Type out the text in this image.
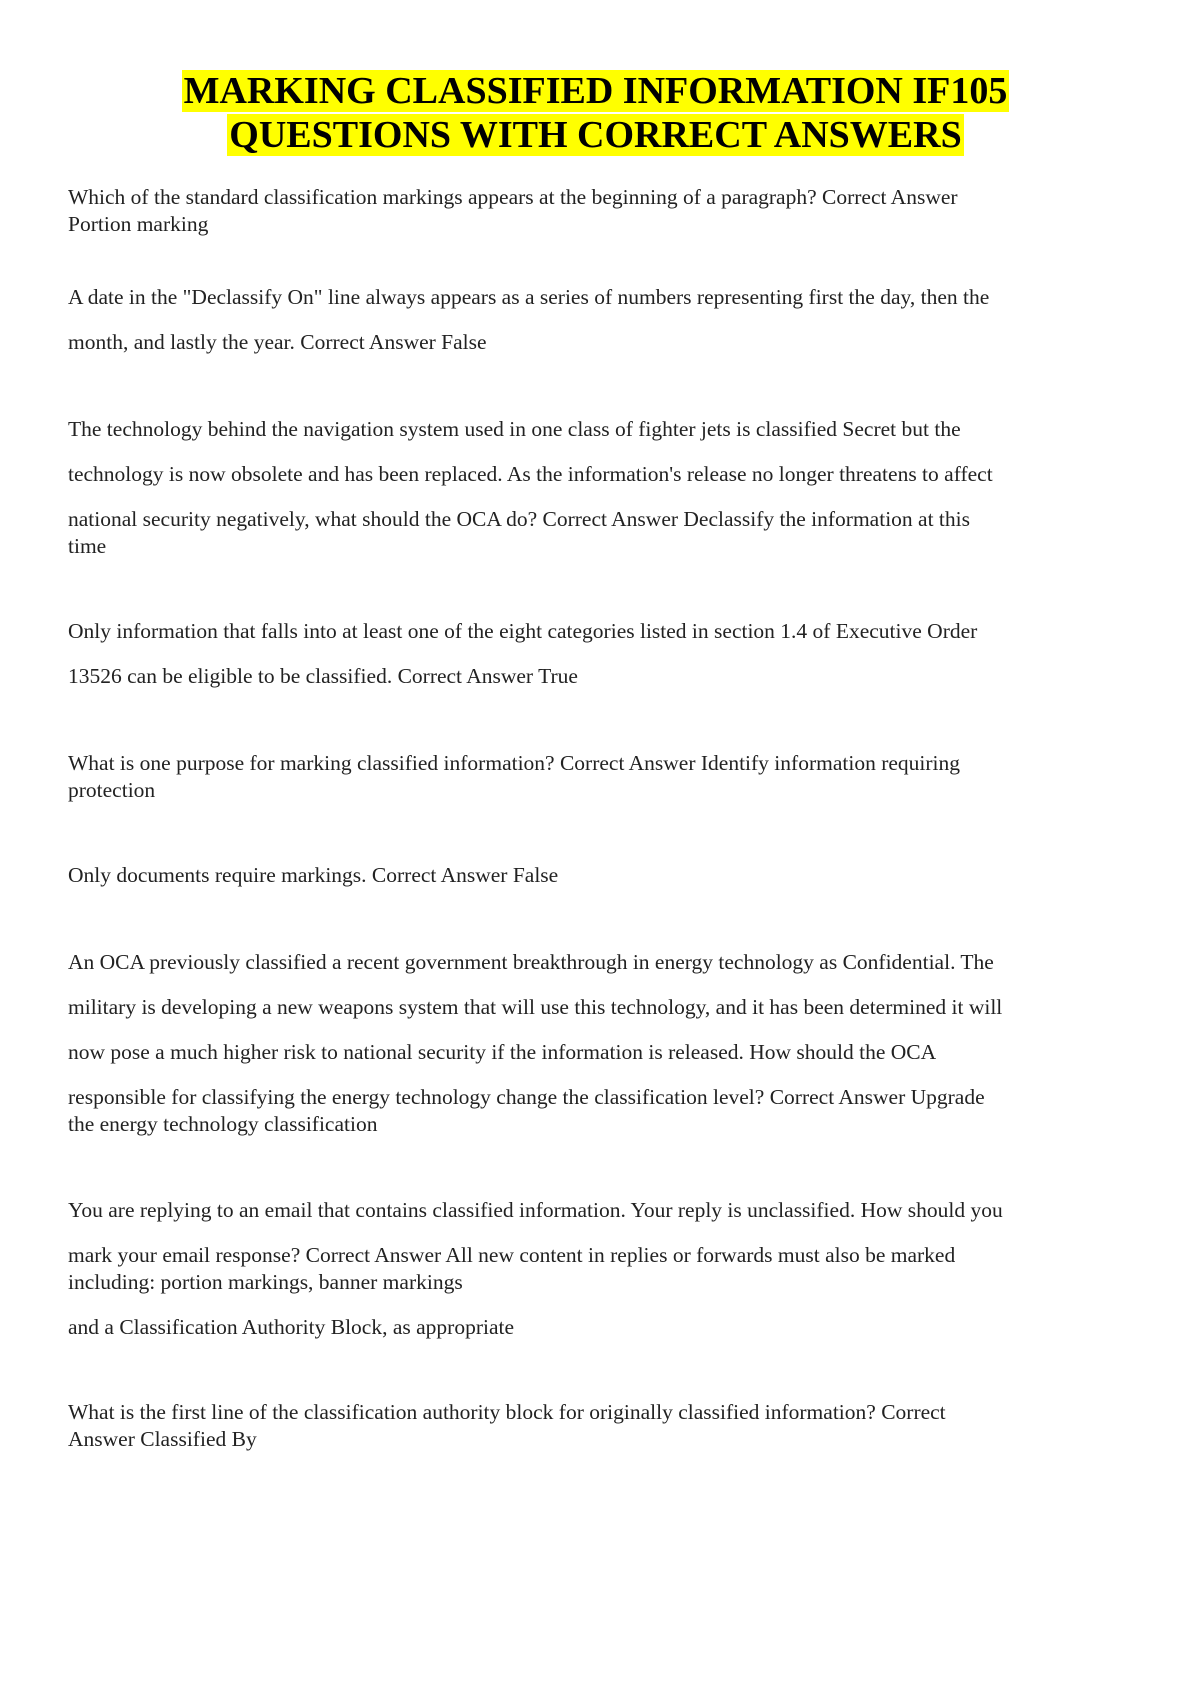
MARKING CLASSIFIED INFORMATION IF105
QUESTIONS WITH CORRECT ANSWERS
Which of the standard classification markings appears at the beginning of a paragraph? Correct Answer
Portion marking
A date in the "Declassify On" line always appears as a series of numbers representing first the day, then the
month, and lastly the year. Correct Answer False
The technology behind the navigation system used in one class of fighter jets is classified Secret but the
technology is now obsolete and has been replaced. As the information's release no longer threatens to affect
national security negatively, what should the OCA do? Correct Answer Declassify the information at this
time
Only information that falls into at least one of the eight categories listed in section 1.4 of Executive Order
13526 can be eligible to be classified. Correct Answer True
What is one purpose for marking classified information? Correct Answer Identify information requiring
protection
Only documents require markings. Correct Answer False
An OCA previously classified a recent government breakthrough in energy technology as Confidential. The
military is developing a new weapons system that will use this technology, and it has been determined it will
now pose a much higher risk to national security if the information is released. How should the OCA
responsible for classifying the energy technology change the classification level? Correct Answer Upgrade
the energy technology classification
You are replying to an email that contains classified information. Your reply is unclassified. How should you
mark your email response? Correct Answer All new content in replies or forwards must also be marked
including: portion markings, banner markings
and a Classification Authority Block, as appropriate
What is the first line of the classification authority block for originally classified information? Correct
Answer Classified By
